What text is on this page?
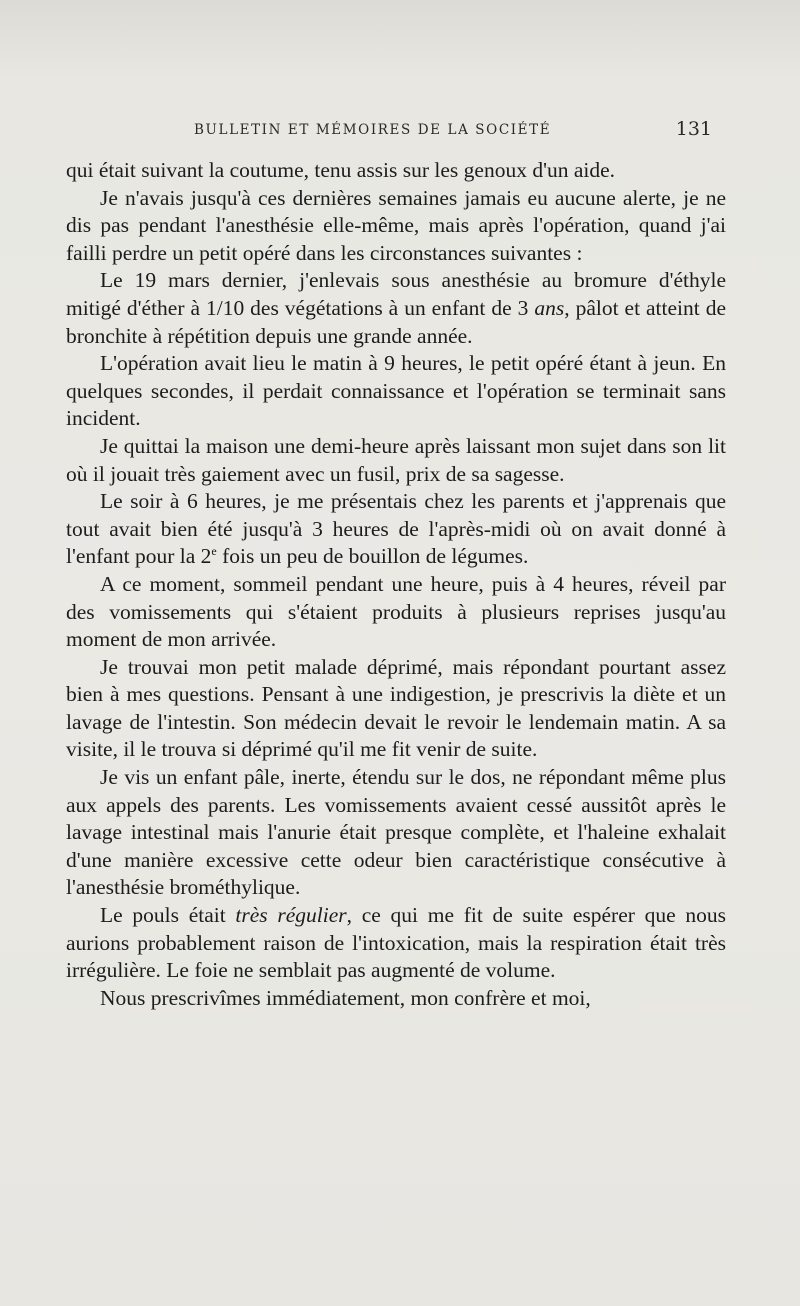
BULLETIN ET MÉMOIRES DE LA SOCIÉTÉ	131

qui était suivant la coutume, tenu assis sur les genoux d'un aide.

Je n'avais jusqu'à ces dernières semaines jamais eu aucune alerte, je ne dis pas pendant l'anesthésie elle-même, mais après l'opération, quand j'ai failli perdre un petit opéré dans les circonstances suivantes :

Le 19 mars dernier, j'enlevais sous anesthésie au bromure d'éthyle mitigé d'éther à 1/10 des végétations à un enfant de 3 ans, pâlot et atteint de bronchite à répétition depuis une grande année.

L'opération avait lieu le matin à 9 heures, le petit opéré étant à jeun. En quelques secondes, il perdait connaissance et l'opération se terminait sans incident.

Je quittai la maison une demi-heure après laissant mon sujet dans son lit où il jouait très gaiement avec un fusil, prix de sa sagesse.

Le soir à 6 heures, je me présentais chez les parents et j'apprenais que tout avait bien été jusqu'à 3 heures de l'après-midi où on avait donné à l'enfant pour la 2e fois un peu de bouillon de légumes.

A ce moment, sommeil pendant une heure, puis à 4 heures, réveil par des vomissements qui s'étaient produits à plusieurs reprises jusqu'au moment de mon arrivée.

Je trouvai mon petit malade déprimé, mais répondant pourtant assez bien à mes questions. Pensant à une indigestion, je prescrivis la diète et un lavage de l'intestin. Son médecin devait le revoir le lendemain matin. A sa visite, il le trouva si déprimé qu'il me fit venir de suite.

Je vis un enfant pâle, inerte, étendu sur le dos, ne répondant même plus aux appels des parents. Les vomissements avaient cessé aussitôt après le lavage intestinal mais l'anurie était presque complète, et l'haleine exhalait d'une manière excessive cette odeur bien caractéristique consécutive à l'anesthésie brométhylique.

Le pouls était très régulier, ce qui me fit de suite espérer que nous aurions probablement raison de l'intoxication, mais la respiration était très irrégulière. Le foie ne semblait pas augmenté de volume.

Nous prescrivîmes immédiatement, mon confrère et moi,
